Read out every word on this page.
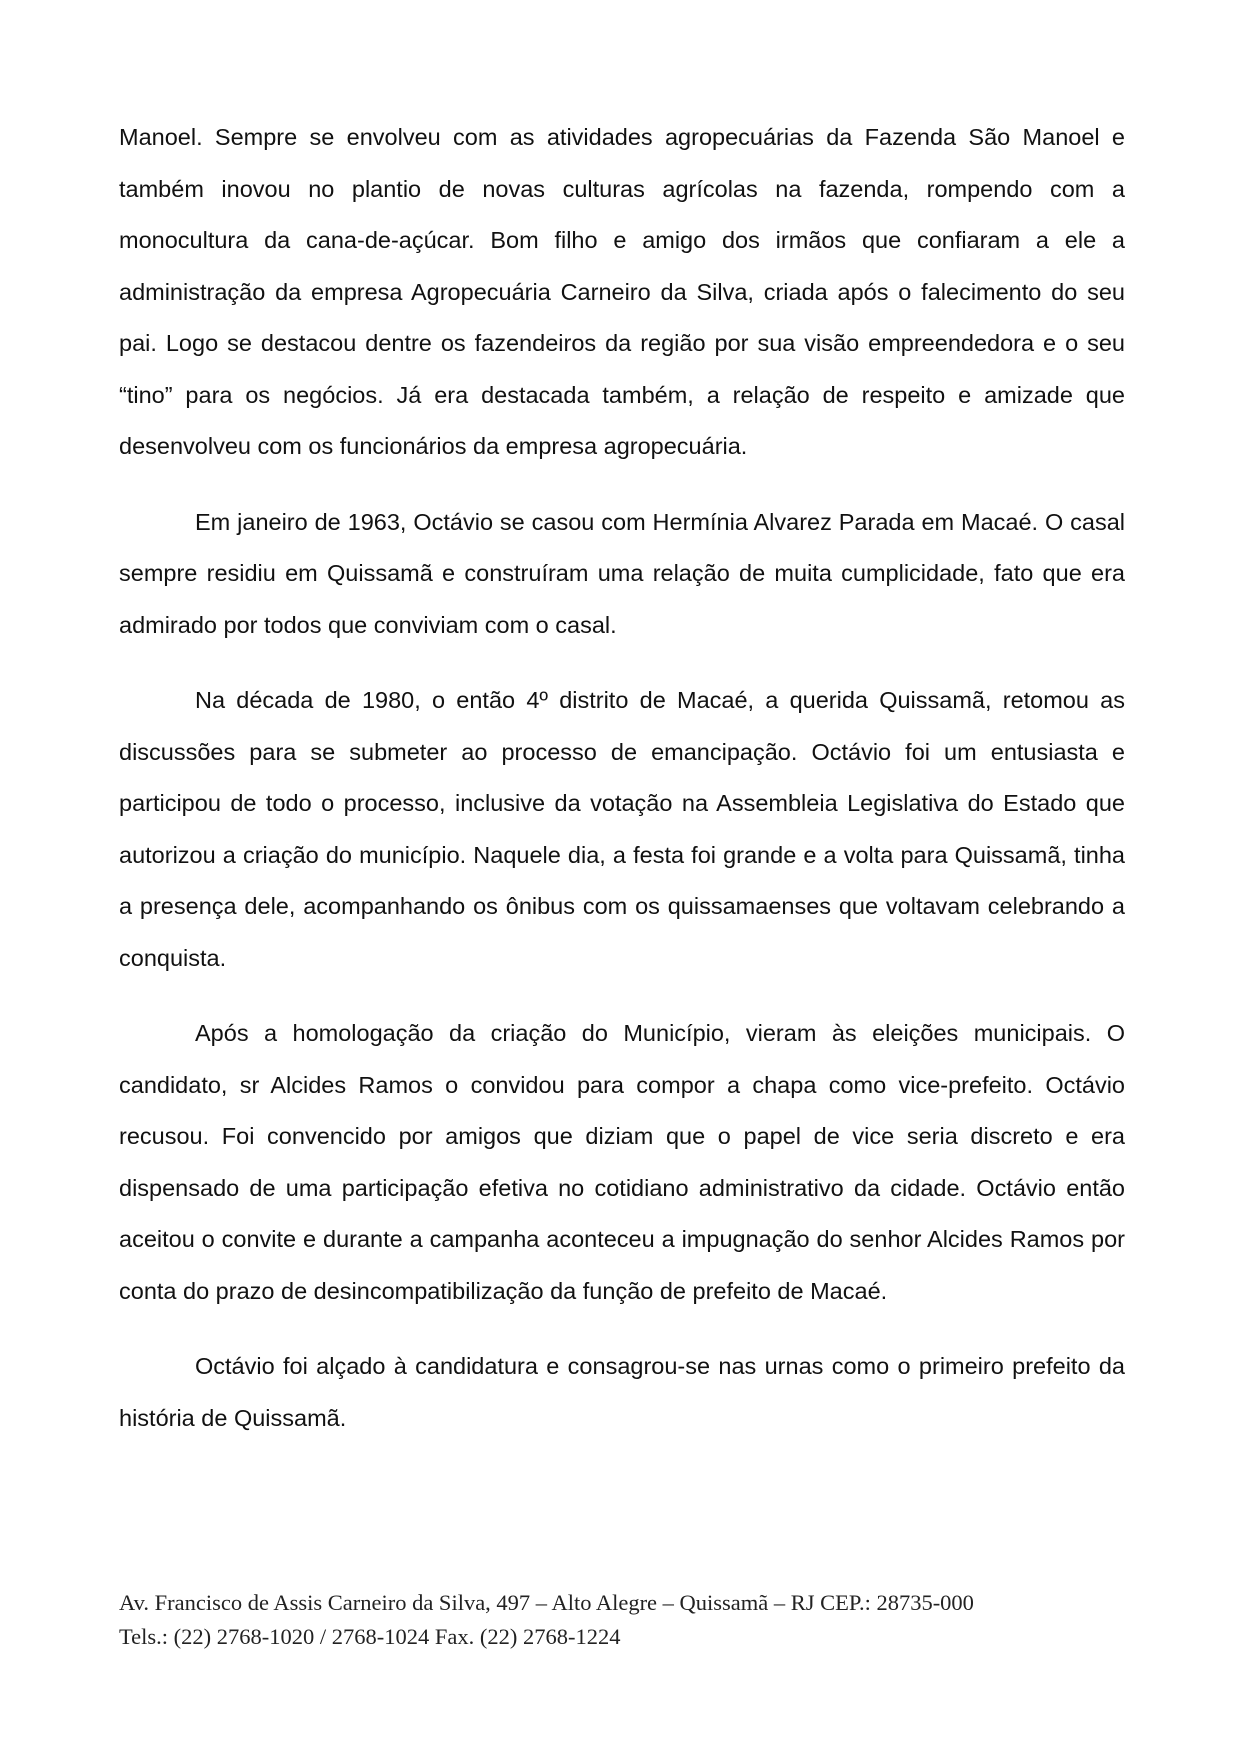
Manoel. Sempre se envolveu com as atividades agropecuárias da Fazenda São Manoel e também inovou no plantio de novas culturas agrícolas na fazenda, rompendo com a monocultura da cana-de-açúcar. Bom filho e amigo dos irmãos que confiaram a ele a administração da empresa Agropecuária Carneiro da Silva, criada após o falecimento do seu pai. Logo se destacou dentre os fazendeiros da região por sua visão empreendedora e o seu “tino” para os negócios. Já era destacada também, a relação de respeito e amizade que desenvolveu com os funcionários da empresa agropecuária.

Em janeiro de 1963, Octávio se casou com Hermínia Alvarez Parada em Macaé. O casal sempre residiu em Quissamã e construíram uma relação de muita cumplicidade, fato que era admirado por todos que conviviam com o casal.

Na década de 1980, o então 4º distrito de Macaé, a querida Quissamã, retomou as discussões para se submeter ao processo de emancipação. Octávio foi um entusiasta e participou de todo o processo, inclusive da votação na Assembleia Legislativa do Estado que autorizou a criação do município. Naquele dia, a festa foi grande e a volta para Quissamã, tinha a presença dele, acompanhando os ônibus com os quissamaenses que voltavam celebrando a conquista.

Após a homologação da criação do Município, vieram às eleições municipais. O candidato, sr Alcides Ramos o convidou para compor a chapa como vice-prefeito. Octávio recusou. Foi convencido por amigos que diziam que o papel de vice seria discreto e era dispensado de uma participação efetiva no cotidiano administrativo da cidade. Octávio então aceitou o convite e durante a campanha aconteceu a impugnação do senhor Alcides Ramos por conta do prazo de desincompatibilização da função de prefeito de Macaé.

Octávio foi alçado à candidatura e consagrou-se nas urnas como o primeiro prefeito da história de Quissamã.

Av. Francisco de Assis Carneiro da Silva, 497 – Alto Alegre – Quissamã – RJ CEP.: 28735-000
Tels.: (22) 2768-1020 / 2768-1024 Fax. (22) 2768-1224
